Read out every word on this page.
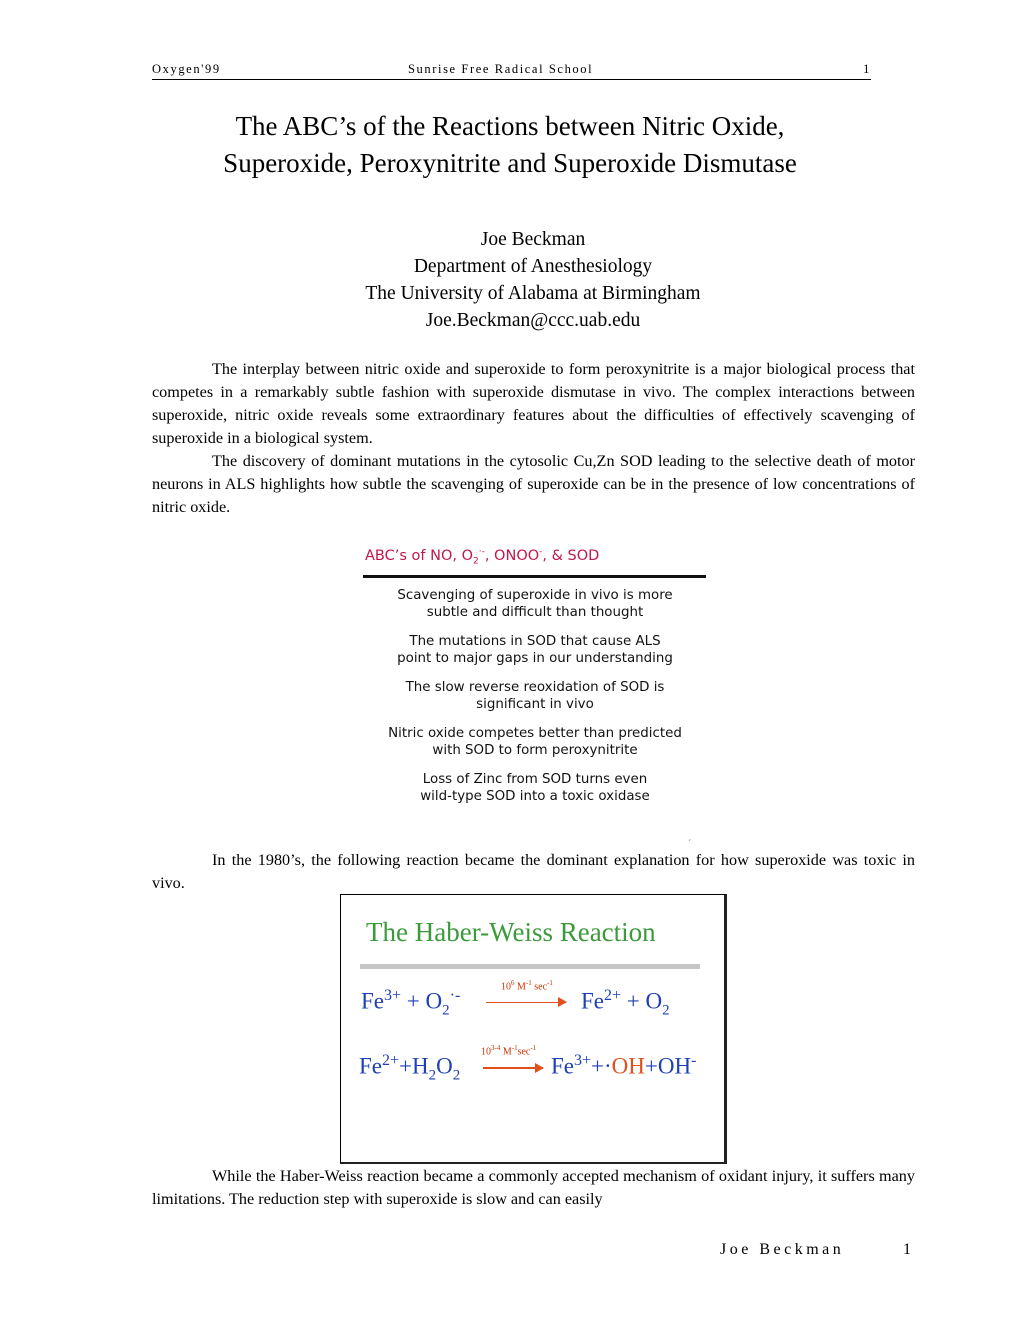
Oxygen'99	Sunrise Free Radical School	1
The ABC’s of the Reactions between Nitric Oxide,
Superoxide, Peroxynitrite and Superoxide Dismutase
Joe Beckman
Department of Anesthesiology
The University of Alabama at Birmingham
Joe.Beckman@ccc.uab.edu
The interplay between nitric oxide and superoxide to form peroxynitrite is a major biological process that competes in a remarkably subtle fashion with superoxide dismutase in vivo. The complex interactions between superoxide, nitric oxide reveals some extraordinary features about the difficulties of effectively scavenging of superoxide in a biological system.
The discovery of dominant mutations in the cytosolic Cu,Zn SOD leading to the selective death of motor neurons in ALS highlights how subtle the scavenging of superoxide can be in the presence of low concentrations of nitric oxide.
ABC’s of NO, $O_2^{\cdot-}$, ONOO-, & SOD
Scavenging of superoxide in vivo is more
subtle and difficult than thought
The mutations in SOD that cause ALS
point to major gaps in our understanding
The slow reverse reoxidation of SOD is
significant in vivo
Nitric oxide competes better than predicted
with SOD to form peroxynitrite
Loss of Zinc from SOD turns even
wild-type SOD into a toxic oxidase
´
In the 1980’s, the following reaction became the dominant explanation for how superoxide was toxic in vivo.
The Haber-Weiss Reaction
$Fe^{3+} + O_2^{\cdot-}$
$10^6$ $M^{-1}$ $\sec^{-1}$
$Fe^{2+} + O_2$
$Fe^{2+}+H_2O_2$
10$^{3-4}$ $M^{-1}\sec^{-1}$
$Fe^{3+}+\cdot OH+OH^-$
While the Haber-Weiss reaction became a commonly accepted mechanism of oxidant injury, it suffers many limitations. The reduction step with superoxide is slow and can easily
Joe Beckman	1
